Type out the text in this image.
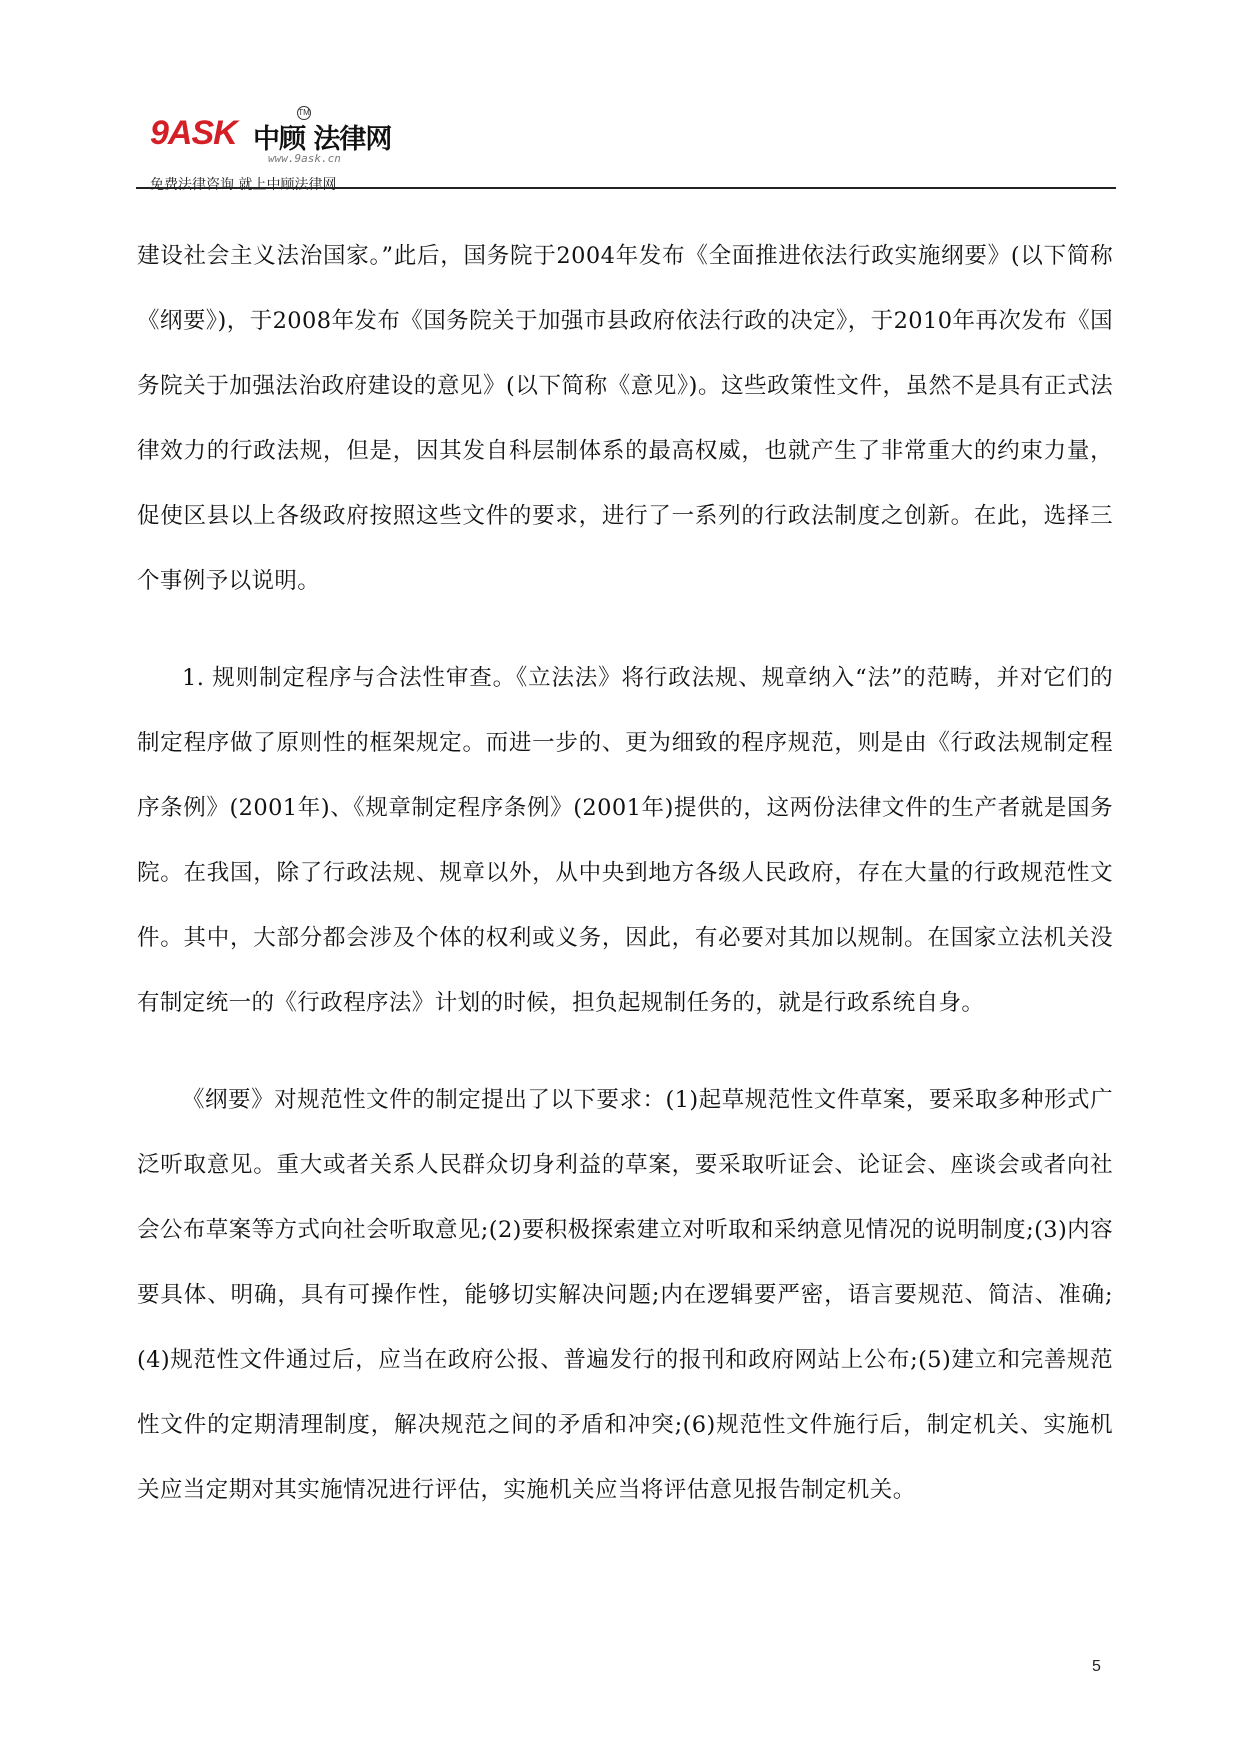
9ASK 中顾 法律网
TM
www.9ask.cn
免费法律咨询 就上中顾法律网

建设社会主义法治国家。”此后，国务院于2004年发布《全面推进依法行政实施纲要》(以下简称《纲要》)，于2008年发布《国务院关于加强市县政府依法行政的决定》，于2010年再次发布《国务院关于加强法治政府建设的意见》(以下简称《意见》)。这些政策性文件，虽然不是具有正式法律效力的行政法规，但是，因其发自科层制体系的最高权威，也就产生了非常重大的约束力量，促使区县以上各级政府按照这些文件的要求，进行了一系列的行政法制度之创新。在此，选择三个事例予以说明。

1. 规则制定程序与合法性审查。《立法法》将行政法规、规章纳入“法”的范畴，并对它们的制定程序做了原则性的框架规定。而进一步的、更为细致的程序规范，则是由《行政法规制定程序条例》(2001年)、《规章制定程序条例》(2001年)提供的，这两份法律文件的生产者就是国务院。在我国，除了行政法规、规章以外，从中央到地方各级人民政府，存在大量的行政规范性文件。其中，大部分都会涉及个体的权利或义务，因此，有必要对其加以规制。在国家立法机关没有制定统一的《行政程序法》计划的时候，担负起规制任务的，就是行政系统自身。

《纲要》对规范性文件的制定提出了以下要求：(1)起草规范性文件草案，要采取多种形式广泛听取意见。重大或者关系人民群众切身利益的草案，要采取听证会、论证会、座谈会或者向社会公布草案等方式向社会听取意见;(2)要积极探索建立对听取和采纳意见情况的说明制度;(3)内容要具体、明确，具有可操作性，能够切实解决问题;内在逻辑要严密，语言要规范、简洁、准确;(4)规范性文件通过后，应当在政府公报、普遍发行的报刊和政府网站上公布;(5)建立和完善规范性文件的定期清理制度，解决规范之间的矛盾和冲突;(6)规范性文件施行后，制定机关、实施机关应当定期对其实施情况进行评估，实施机关应当将评估意见报告制定机关。

5
